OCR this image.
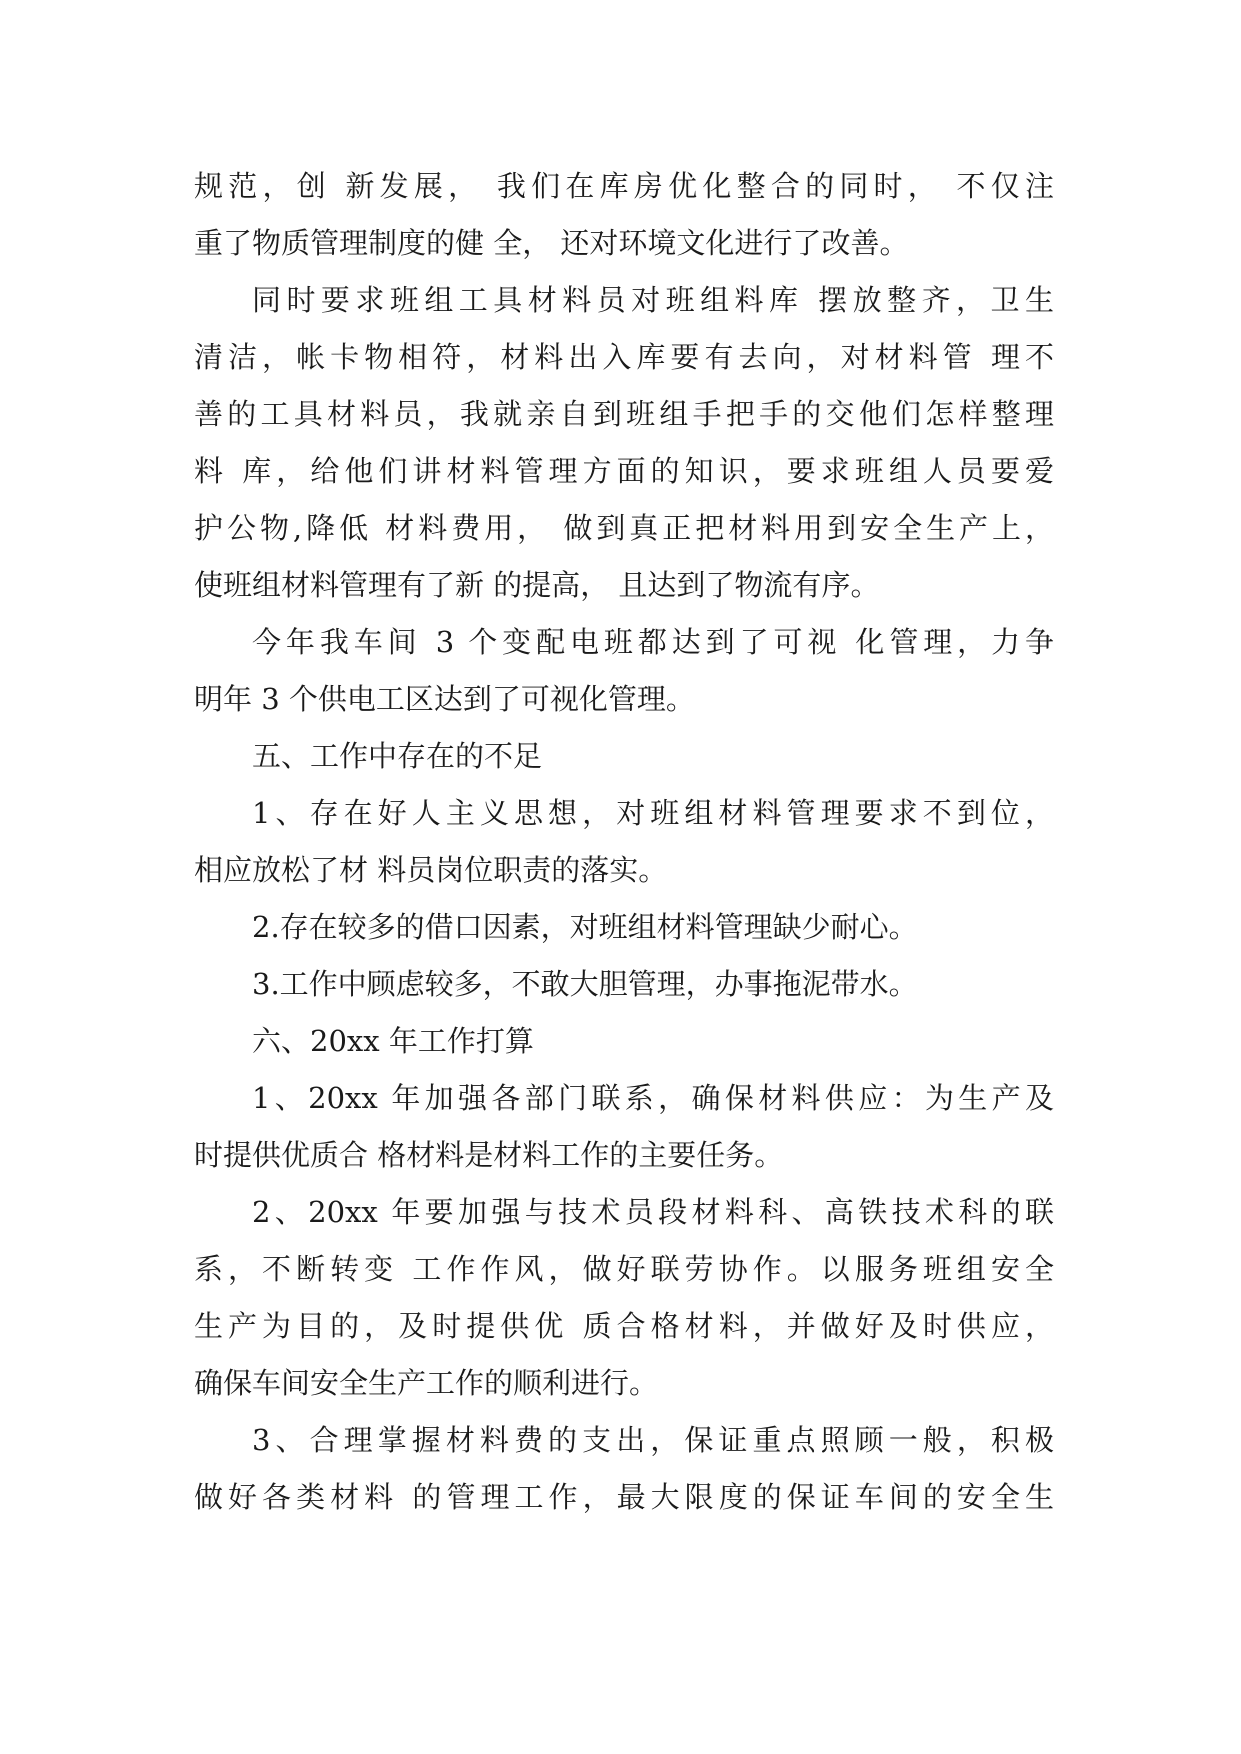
规范，创 新发展， 我们在库房优化整合的同时， 不仅注
重了物质管理制度的健 全， 还对环境文化进行了改善。
同时要求班组工具材料员对班组料库 摆放整齐，卫生
清洁，帐卡物相符，材料出入库要有去向，对材料管 理不
善的工具材料员，我就亲自到班组手把手的交他们怎样整理
料 库，给他们讲材料管理方面的知识，要求班组人员要爱
护公物,降低 材料费用， 做到真正把材料用到安全生产上，
使班组材料管理有了新 的提高， 且达到了物流有序。
今年我车间 3 个变配电班都达到了可视 化管理，力争
明年 3 个供电工区达到了可视化管理。
五、工作中存在的不足
1、存在好人主义思想，对班组材料管理要求不到位，
相应放松了材 料员岗位职责的落实。
2.存在较多的借口因素，对班组材料管理缺少耐心。
3.工作中顾虑较多，不敢大胆管理，办事拖泥带水。
六、20xx 年工作打算
1、20xx 年加强各部门联系，确保材料供应：为生产及
时提供优质合 格材料是材料工作的主要任务。
2、20xx 年要加强与技术员段材料科、高铁技术科的联
系，不断转变 工作作风，做好联劳协作。以服务班组安全
生产为目的，及时提供优 质合格材料，并做好及时供应，
确保车间安全生产工作的顺利进行。
3、合理掌握材料费的支出，保证重点照顾一般，积极
做好各类材料 的管理工作，最大限度的保证车间的安全生
